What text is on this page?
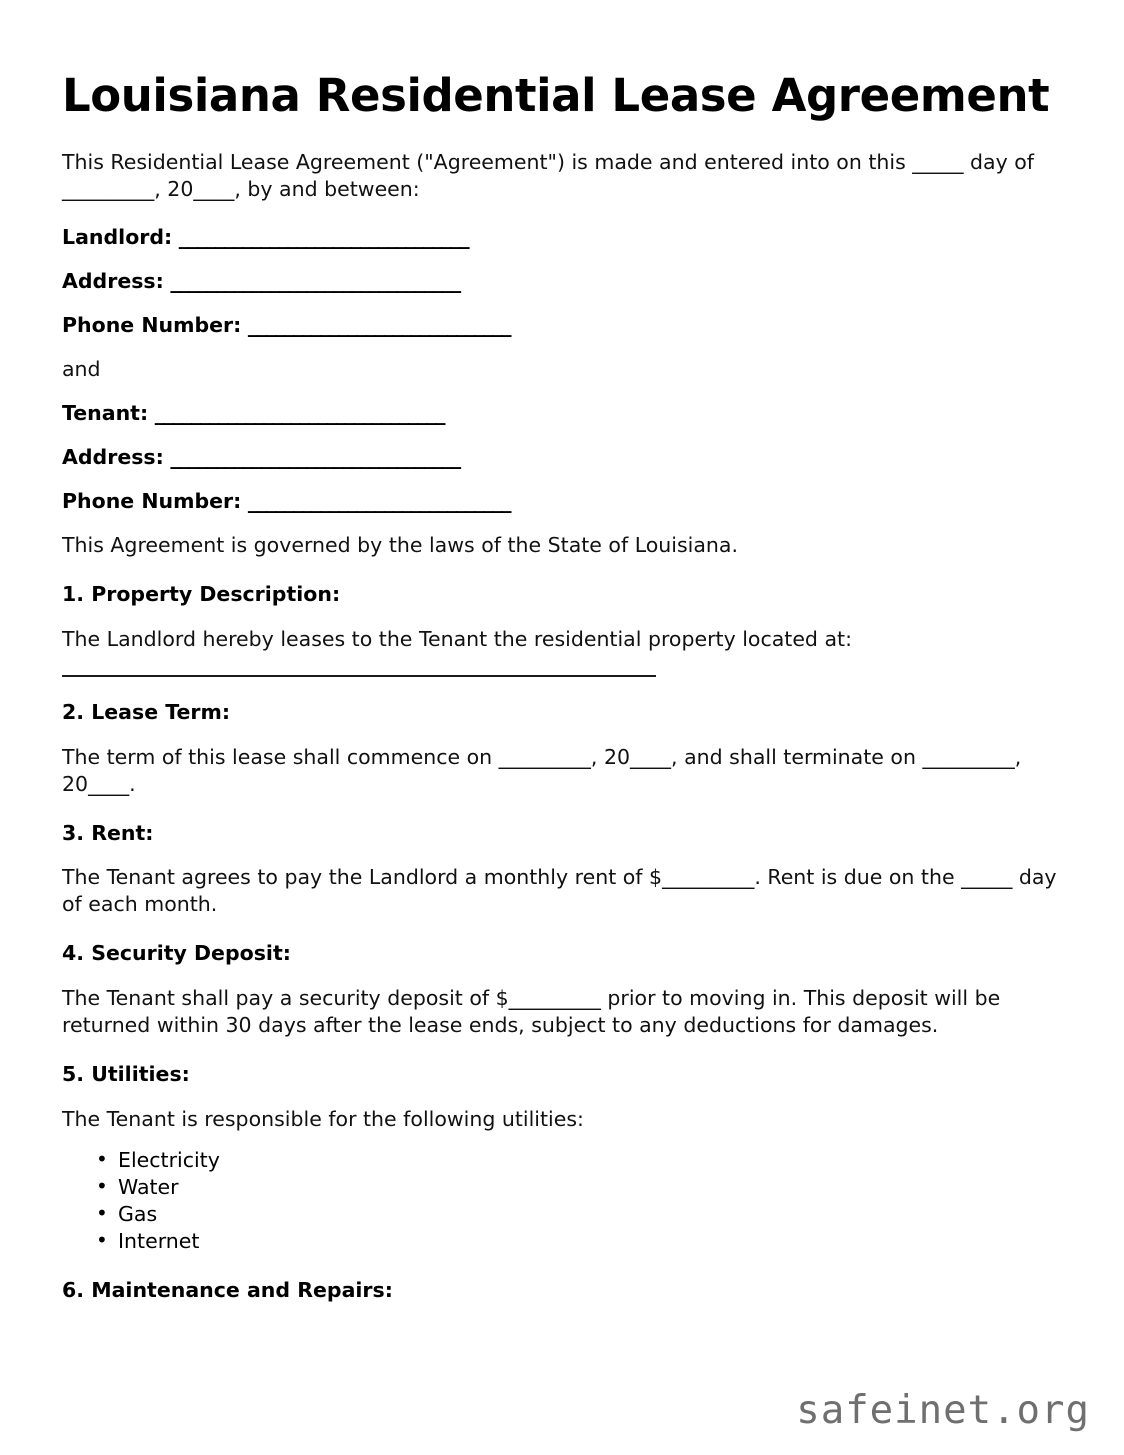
Louisiana Residential Lease Agreement

This Residential Lease Agreement ("Agreement") is made and entered into on this _____ day of _________, 20____, by and between:

Landlord: ________________________________

Address: ________________________________

Phone Number: _____________________________

and

Tenant: ________________________________

Address: ________________________________

Phone Number: _____________________________

This Agreement is governed by the laws of the State of Louisiana.

1. Property Description:

The Landlord hereby leases to the Tenant the residential property located at:

2. Lease Term:

The term of this lease shall commence on _________, 20____, and shall terminate on _________, 20____.

3. Rent:

The Tenant agrees to pay the Landlord a monthly rent of $_________. Rent is due on the _____ day of each month.

4. Security Deposit:

The Tenant shall pay a security deposit of $_________ prior to moving in. This deposit will be returned within 30 days after the lease ends, subject to any deductions for damages.

5. Utilities:

The Tenant is responsible for the following utilities:

• Electricity
• Water
• Gas
• Internet

6. Maintenance and Repairs:

safeinet.org
